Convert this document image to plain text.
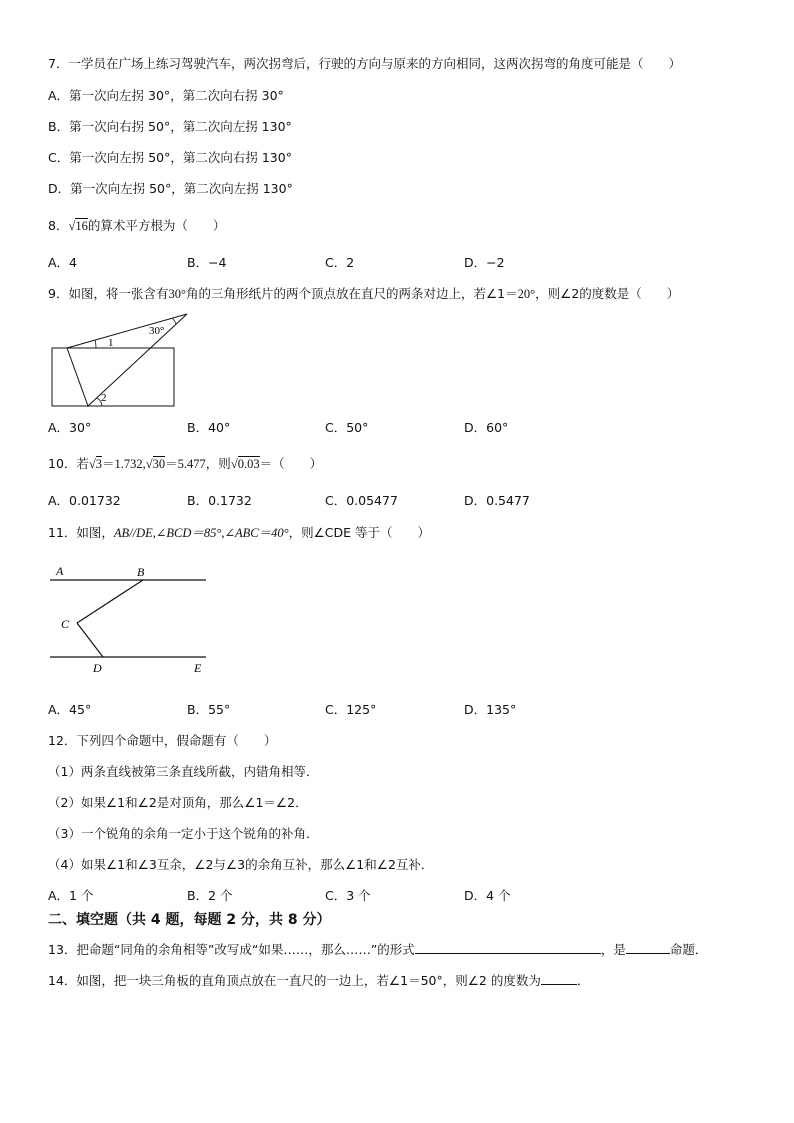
7．一学员在广场上练习驾驶汽车，两次拐弯后，行驶的方向与原来的方向相同，这两次拐弯的角度可能是（　　）
A．第一次向左拐 30°，第二次向右拐 30°
B．第一次向右拐 50°，第二次向左拐 130°
C．第一次向左拐 50°，第二次向右拐 130°
D．第一次向左拐 50°，第二次向左拐 130°
8．√16的算术平方根为（　　）
A．4	B．−4	C．2	D．−2
9．如图，将一张含有30°角的三角形纸片的两个顶点放在直尺的两条对边上，若∠1＝20°，则∠2的度数是（　　）
30°
1
2
A．30°	B．40°	C．50°	D．60°
10．若√3＝1.732,√30＝5.477，则√0.03＝（　　）
A．0.01732	B．0.1732	C．0.05477	D．0.5477
11．如图，AB//DE,∠BCD＝85°,∠ABC＝40°，则∠CDE 等于（　　）
A	B
C
D	E
A．45°	B．55°	C．125°	D．135°
12．下列四个命题中，假命题有（　　）
（1）两条直线被第三条直线所截，内错角相等．
（2）如果∠1和∠2是对顶角，那么∠1＝∠2．
（3）一个锐角的余角一定小于这个锐角的补角．
（4）如果∠1和∠3互余，∠2与∠3的余角互补，那么∠1和∠2互补．
A．1 个	B．2 个	C．3 个	D．4 个
二、填空题（共 4 题，每题 2 分，共 8 分）
13．把命题“同角的余角相等”改写成“如果……，那么……”的形式	，是	命题．
14．如图，把一块三角板的直角顶点放在一直尺的一边上，若∠1＝50°，则∠2 的度数为	．
